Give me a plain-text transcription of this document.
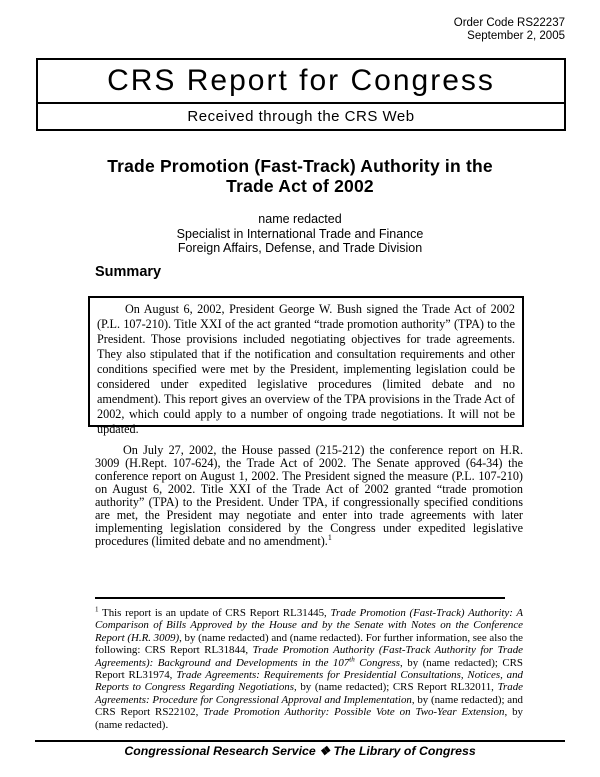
Order Code RS22237
September 2, 2005
CRS Report for Congress
Received through the CRS Web
Trade Promotion (Fast-Track) Authority in the
Trade Act of 2002
name redacted
Specialist in International Trade and Finance
Foreign Affairs, Defense, and Trade Division
Summary

On August 6, 2002, President George W. Bush signed the Trade Act of 2002 (P.L. 107-210). Title XXI of the act granted “trade promotion authority” (TPA) to the President. Those provisions included negotiating objectives for trade agreements. They also stipulated that if the notification and consultation requirements and other conditions specified were met by the President, implementing legislation could be considered under expedited legislative procedures (limited debate and no amendment). This report gives an overview of the TPA provisions in the Trade Act of 2002, which could apply to a number of ongoing trade negotiations. It will not be updated.

On July 27, 2002, the House passed (215-212) the conference report on H.R. 3009 (H.Rept. 107-624), the Trade Act of 2002. The Senate approved (64-34) the conference report on August 1, 2002. The President signed the measure (P.L. 107-210) on August 6, 2002. Title XXI of the Trade Act of 2002 granted “trade promotion authority” (TPA) to the President. Under TPA, if congressionally specified conditions are met, the President may negotiate and enter into trade agreements with later implementing legislation considered by the Congress under expedited legislative procedures (limited debate and no amendment).$^1$

$^1$ This report is an update of CRS Report RL31445, Trade Promotion (Fast-Track) Authority: A Comparison of Bills Approved by the House and by the Senate with Notes on the Conference Report (H.R. 3009), by (name redacted) and (name redacted). For further information, see also the following: CRS Report RL31844, Trade Promotion Authority (Fast-Track Authority for Trade Agreements): Background and Developments in the 107th Congress, by (name redacted); CRS Report RL31974, Trade Agreements: Requirements for Presidential Consultations, Notices, and Reports to Congress Regarding Negotiations, by (name redacted); CRS Report RL32011, Trade Agreements: Procedure for Congressional Approval and Implementation, by (name redacted); and CRS Report RS22102, Trade Promotion Authority: Possible Vote on Two-Year Extension, by (name redacted).

Congressional Research Service ❖ The Library of Congress
